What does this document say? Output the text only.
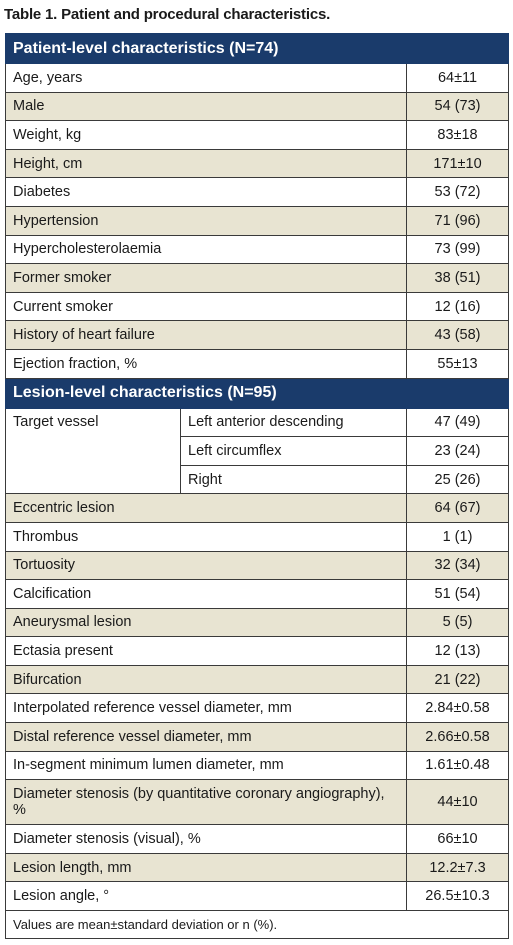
Table 1. Patient and procedural characteristics.
Patient-level characteristics (N=74)		
Age, years		64±11
Male		54 (73)
Weight, kg		83±18
Height, cm		171±10
Diabetes		53 (72)
Hypertension		71 (96)
Hypercholesterolaemia		73 (99)
Former smoker		38 (51)
Current smoker		12 (16)
History of heart failure		43 (58)
Ejection fraction, %		55±13
Lesion-level characteristics (N=95)		
Target vessel	Left anterior descending	47 (49)
	Left circumflex	23 (24)
	Right	25 (26)
Eccentric lesion		64 (67)
Thrombus		1 (1)
Tortuosity		32 (34)
Calcification		51 (54)
Aneurysmal lesion		5 (5)
Ectasia present		12 (13)
Bifurcation		21 (22)
Interpolated reference vessel diameter, mm		2.84±0.58
Distal reference vessel diameter, mm		2.66±0.58
In-segment minimum lumen diameter, mm		1.61±0.48
Diameter stenosis (by quantitative coronary angiography), %		44±10
Diameter stenosis (visual), %		66±10
Lesion length, mm		12.2±7.3
Lesion angle, °		26.5±10.3
Values are mean±standard deviation or n (%).		
